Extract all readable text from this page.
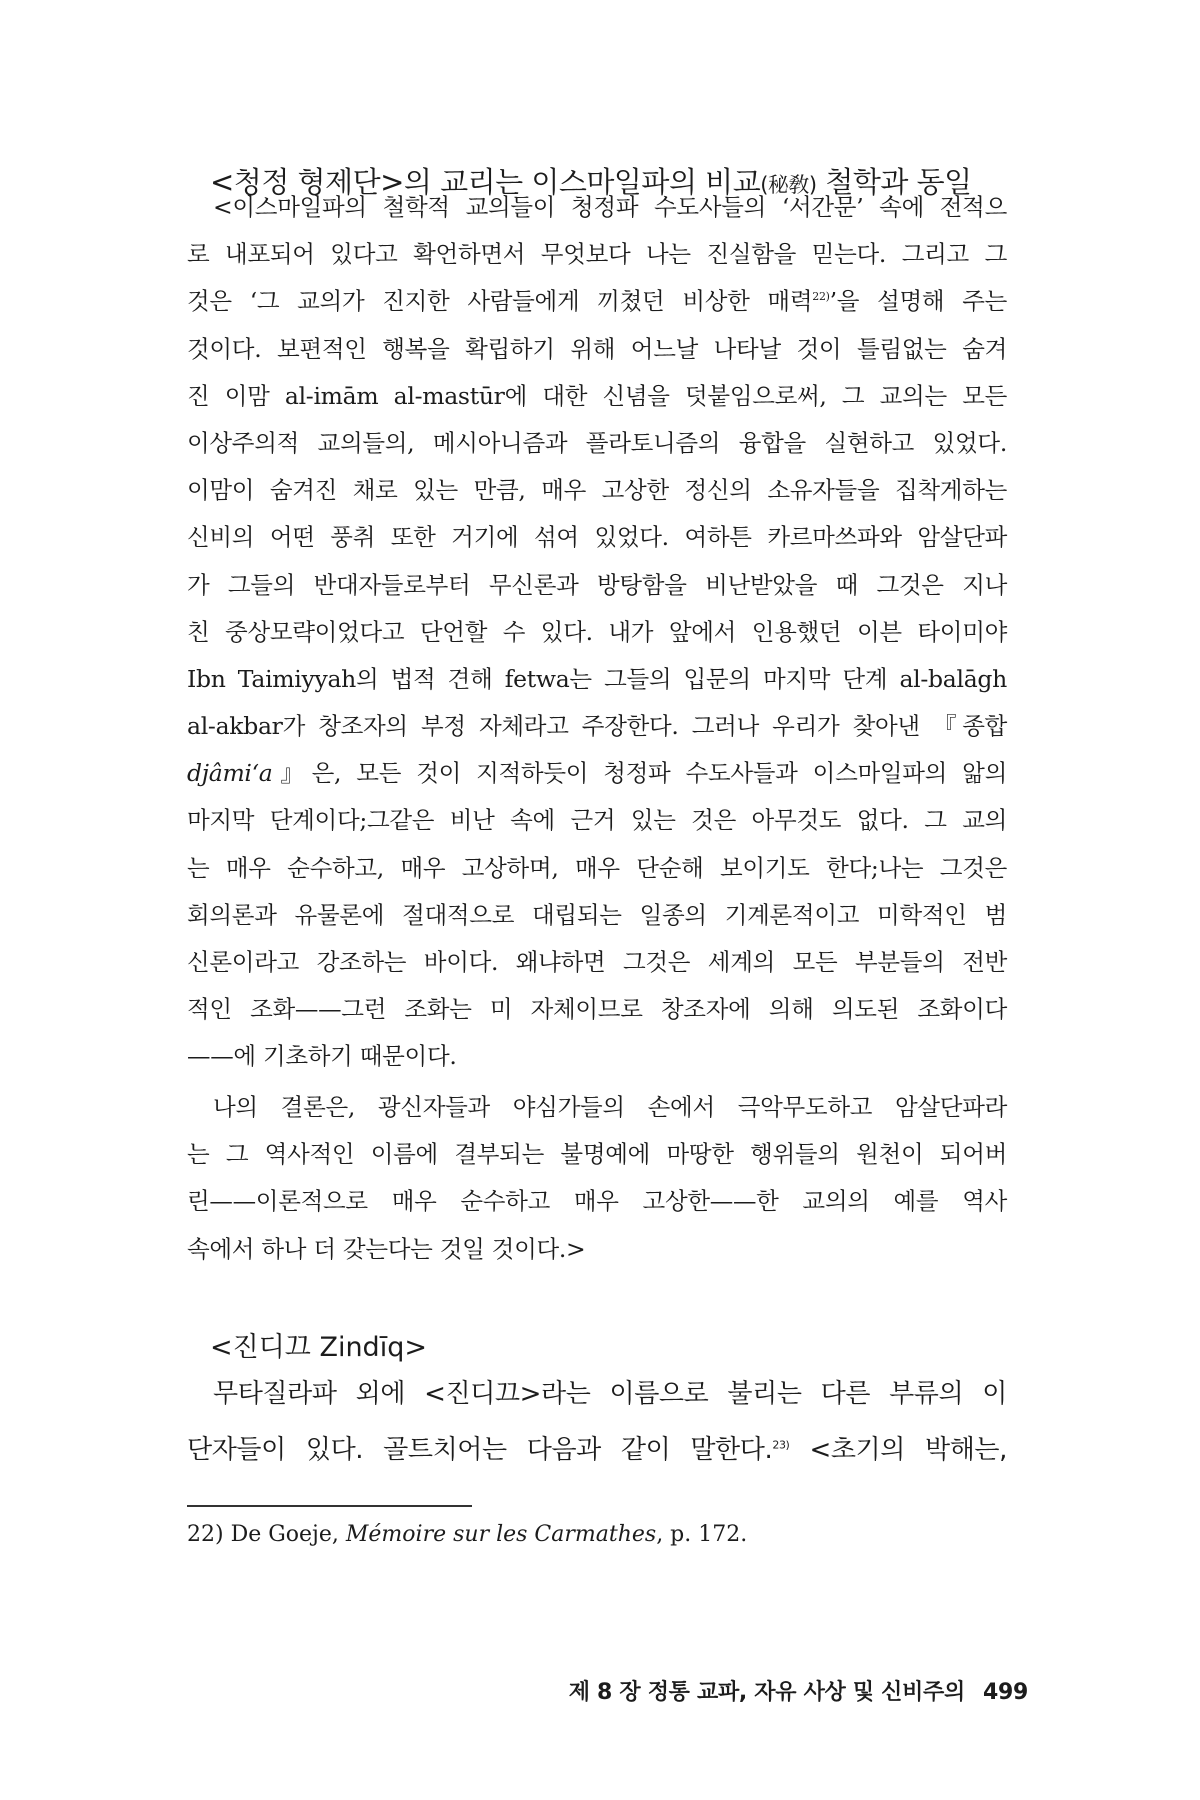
<청정 형제단>의 교리는 이스마일파의 비교(秘敎) 철학과 동일
<이스마일파의 철학적 교의들이 청정파 수도사들의 ‘서간문’ 속에 전적으
로 내포되어 있다고 확언하면서 무엇보다 나는 진실함을 믿는다. 그리고 그
것은 ‘그 교의가 진지한 사람들에게 끼쳤던 비상한 매력$^{22)}$’을 설명해 주는
것이다. 보편적인 행복을 확립하기 위해 어느날 나타날 것이 틀림없는 숨겨
진 이맘 al-imām al-mastūr에 대한 신념을 덧붙임으로써, 그 교의는 모든
이상주의적 교의들의, 메시아니즘과 플라토니즘의 융합을 실현하고 있었다.
이맘이 숨겨진 채로 있는 만큼, 매우 고상한 정신의 소유자들을 집착게하는
신비의 어떤 풍취 또한 거기에 섞여 있었다. 여하튼 카르마쓰파와 암살단파
가 그들의 반대자들로부터 무신론과 방탕함을 비난받았을 때 그것은 지나
친 중상모략이었다고 단언할 수 있다. 내가 앞에서 인용했던 이븐 타이미야
Ibn Taimiyyah의 법적 견해 fetwa는 그들의 입문의 마지막 단계 al-balāgh
al-akbar가 창조자의 부정 자체라고 주장한다. 그러나 우리가 찾아낸 『종합
djâmi‘a』은, 모든 것이 지적하듯이 청정파 수도사들과 이스마일파의 앎의
마지막 단계이다;그같은 비난 속에 근거 있는 것은 아무것도 없다. 그 교의
는 매우 순수하고, 매우 고상하며, 매우 단순해 보이기도 한다;나는 그것은
회의론과 유물론에 절대적으로 대립되는 일종의 기계론적이고 미학적인 범
신론이라고 강조하는 바이다. 왜냐하면 그것은 세계의 모든 부분들의 전반
적인 조화——그런 조화는 미 자체이므로 창조자에 의해 의도된 조화이다
——에 기초하기 때문이다.
나의 결론은, 광신자들과 야심가들의 손에서 극악무도하고 암살단파라
는 그 역사적인 이름에 결부되는 불명예에 마땅한 행위들의 원천이 되어버
린——이론적으로 매우 순수하고 매우 고상한——한 교의의 예를 역사
속에서 하나 더 갖는다는 것일 것이다.>
<진디끄 Zindīq>
무타질라파 외에 <진디끄>라는 이름으로 불리는 다른 부류의 이
단자들이 있다. 골트치어는 다음과 같이 말한다.$^{23)}$ <초기의 박해는,
22) De Goeje, Mémoire sur les Carmathes, p. 172.
제 8 장 정통 교파, 자유 사상 및 신비주의 499
